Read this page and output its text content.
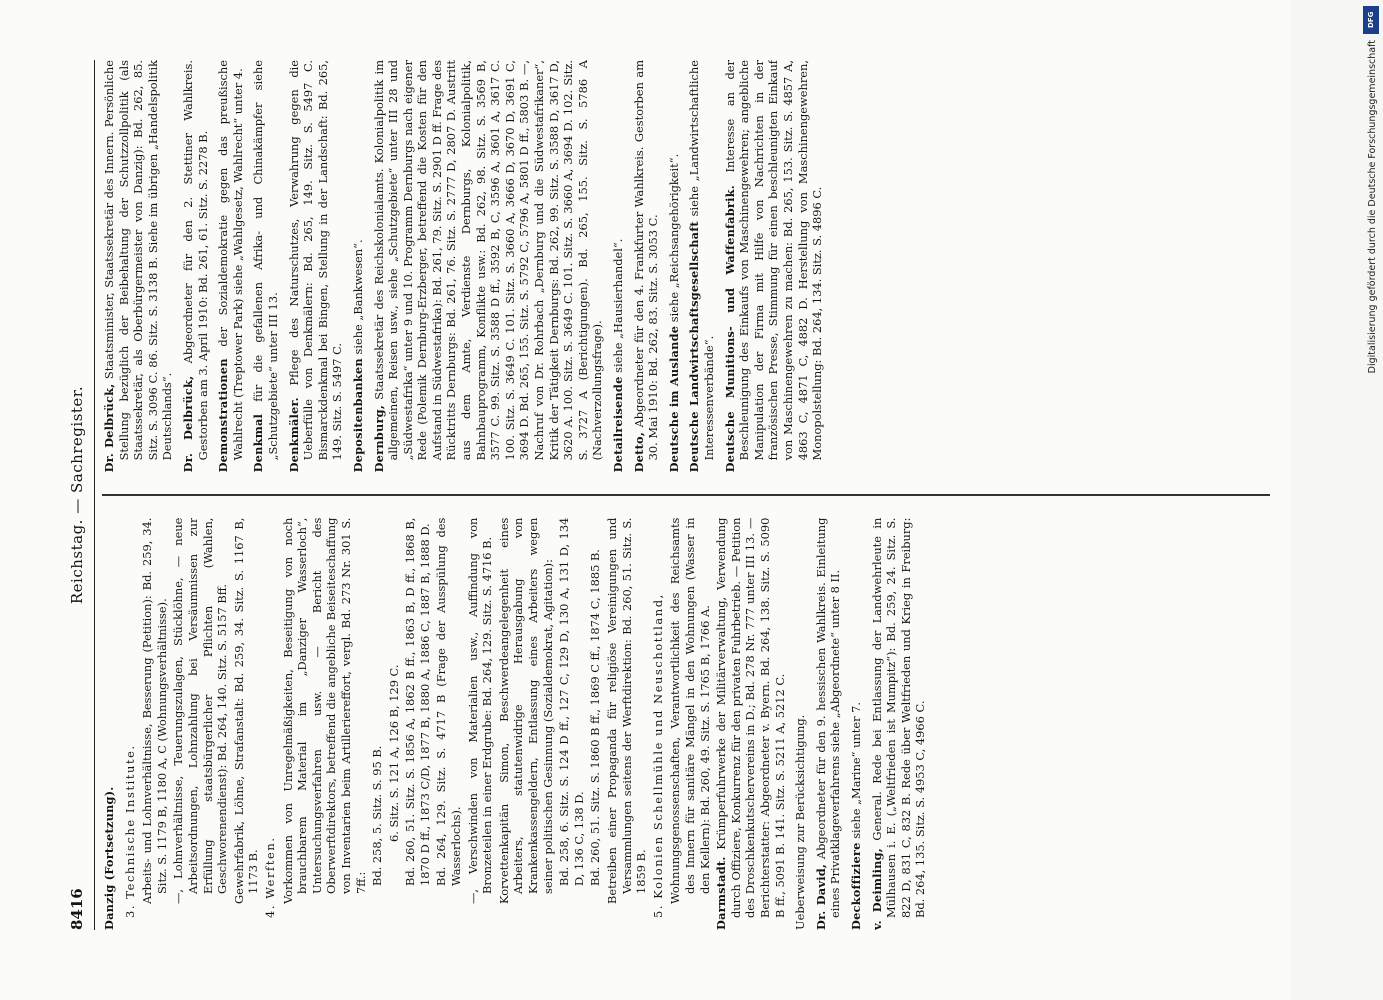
8416
Reichstag. — Sachregister.
Danzig (Fortsetzung). 3. Technische Institute. Arbeits- und Lohnverhältnisse, Besserung (Petition): Bd. 259, 34. Sitz. S. 1179 B, 1180 A, C (Wohnungsverhältnisse). —, Lohnverhältnisse, Teuerungszulagen, Stücklöhne, — neue Arbeitsordnungen, Lohnzahlung bei Versäumnissen zur Erfüllung staatsbürgerlicher Pflichten (Wahlen, Geschworenendienst): Bd. 264, 140. Sitz. S. 5157 Bff. Gewehrfabrik, Löhne, Strafanstalt: Bd. 259, 34. Sitz. S. 1167 B, 1173 B. 4. Werften. Vorkommen von Unregelmäßigkeiten, Beseitigung von noch brauchbarem Material im „Danziger Wasserloch“, Untersuchungsverfahren usw. — Bericht des Oberwerftdirektors, betreffend die angebliche Beiseiteschaffung von Inventarien beim Artilleriereffort, vergl. Bd. 273 Nr. 301 S. 7ff.: Bd. 258, 5. Sitz. S. 95 B. 6. Sitz. S. 121 A, 126 B, 129 C. Bd. 260, 51. Sitz. S. 1856 A, 1862 B ff., 1863 B, D ff., 1868 B, 1870 D ff., 1873 C/D, 1877 B, 1880 A, 1886 C, 1887 B, 1888 D. Bd. 264, 129. Sitz. S. 4717 B (Frage der Ausspülung des Wasserlochs). —, Verschwinden von Materialien usw., Auffindung von Bronzeteilen in einer Erdgrube: Bd. 264, 129. Sitz. S. 4716 B. Korvettenkapitän Simon, Beschwerdeangelegenheit eines Arbeiters, statutenwidrige Herausgabung von Krankenkassengeldern, Entlassung eines Arbeiters wegen seiner politischen Gesinnung (Sozialdemokrat, Agitation): Bd. 258, 6. Sitz. S. 124 D ff., 127 C, 129 D, 130 A, 131 D, 134 D, 136 C, 138 D. Bd. 260, 51. Sitz. S. 1860 B ff., 1869 C ff., 1874 C, 1885 B. Betreiben einer Propaganda für religiöse Vereinigungen und Versammlungen seitens der Werftdirektion: Bd. 260, 51. Sitz. S. 1859 B. 5. Kolonien Schellmühle und Neuschottland, Wohnungsgenossenschaften, Verantwortlichkeit des Reichsamts des Innern für sanitäre Mängel in den Wohnungen (Wasser in den Kellern): Bd. 260, 49. Sitz. S. 1765 B, 1766 A. Darmstadt. Krümperfuhrwerke der Militärverwaltung, Verwendung durch Offiziere, Konkurrenz für den privaten Fuhrbetrieb. — Petition des Droschkenkutschervereins in D.; Bd. 278 Nr. 777 unter III 13. — Berichterstatter: Abgeordneter v. Byern. Bd. 264, 138. Sitz. S. 5090 B ff., 5091 B. 141. Sitz. S. 5211 A, 5212 C. Ueberweisung zur Berücksichtigung. Dr. David, Abgeordneter für den 9. hessischen Wahlkreis. Einleitung eines Privatklageverfahrens siehe „Abgeordnete“ unter 8 II. Deckoffiziere siehe „Marine“ unter 7.
v. Deimling, General. Rede bei Entlassung der Landwehrleute in Mülhausen i. E. („Weltfrieden ist Mumpitz“): Bd. 259, 24. Sitz. S. 822 D, 831 C, 832 B. Rede über Weltfrieden und Krieg in Freiburg: Bd. 264, 135. Sitz. S. 4953 C, 4966 C.
Dr. Delbrück, Staatsminister, Staatssekretär des Innern. Persönliche Stellung bezüglich der Beibehaltung der Schutzzollpolitik (als Staatssekretär, als Oberbürgermeister von Danzig): Bd. 262, 85. Sitz. S. 3096 C. 86. Sitz. S. 3138 B. Siehe im übrigen „Handelspolitik Deutschlands“. Dr. Delbrück, Abgeordneter für den 2. Stettiner Wahlkreis. Gestorben am 3. April 1910: Bd. 261, 61. Sitz. S. 2278 B. Demonstrationen der Sozialdemokratie gegen das preußische Wahlrecht (Treptower Park) siehe „Wahlgesetz, Wahlrecht“ unter 4. Denkmal für die gefallenen Afrika- und Chinakämpfer siehe „Schutzgebiete“ unter III 13. Denkmäler. Pflege des Naturschutzes, Verwahrung gegen die Ueberfülle von Denkmälern: Bd. 265, 149. Sitz. S. 5497 C. Bismarckdenkmal bei Bingen, Stellung in der Landschaft: Bd. 265, 149. Sitz. S. 5497 C. Depositenbanken siehe „Bankwesen“.
Dernburg, Staatssekretär des Reichskolonialamts. Kolonialpolitik im allgemeinen, Reisen usw., siehe „Schutzgebiete“ unter III 28 und „Südwestafrika“ unter 9 und 10. Programm Dernburgs nach eigener Rede (Polemik Dernburg-Erzberger, betreffend die Kosten für den Aufstand in Südwestafrika): Bd. 261, 79. Sitz. S. 2901 D ff. Frage des Rücktritts Dernburgs: Bd. 261, 76. Sitz. S. 2777 D, 2807 D. Austritt aus dem Amte, Verdienste Dernburgs, Kolonialpolitik, Bahnbauprogramm, Konflikte usw.: Bd. 262, 98. Sitz. S. 3569 B, 3577 C. 99. Sitz. S. 3588 D ff., 3592 B, C, 3596 A, 3601 A, 3617 C. 100. Sitz. S. 3649 C. 101. Sitz. S. 3660 A, 3666 D, 3670 D, 3691 C, 3694 D. Bd. 265, 155. Sitz. S. 5792 C, 5796 A, 5801 D ff., 5803 B. —, Nachruf von Dr. Rohrbach „Dernburg und die Südwestafrikaner“, Kritik der Tätigkeit Dernburgs: Bd. 262, 99. Sitz. S. 3588 D, 3617 D, 3620 A. 100. Sitz. S. 3649 C. 101. Sitz. S. 3660 A, 3694 D. 102. Sitz. S. 3727 A (Berichtigungen). Bd. 265, 155. Sitz. S. 5786 A (Nachverzollungsfrage). Detailreisende siehe „Hausierhandel“.
Detto, Abgeordneter für den 4. Frankfurter Wahlkreis. Gestorben am 30. Mai 1910: Bd. 262, 83. Sitz. S. 3053 C. Deutsche im Auslande siehe „Reichsangehörigkeit“. Deutsche Landwirtschaftsgesellschaft siehe „Landwirtschaftliche Interessenverbände“. Deutsche Munitions- und Waffenfabrik. Interesse an der Beschleunigung des Einkaufs von Maschinengewehren; angebliche Manipulation der Firma mit Hilfe von Nachrichten in der französischen Presse, Stimmung für einen beschleunigten Einkauf von Maschinengewehren zu machen: Bd. 265, 153. Sitz. S. 4857 A, 4863 C, 4871 C, 4882 D. Herstellung von Maschinengewehren, Monopolstellung: Bd. 264, 134. Sitz. S. 4896 C.
DFG
Digitalisierung gefördert durch die Deutsche Forschungsgemeinschaft
